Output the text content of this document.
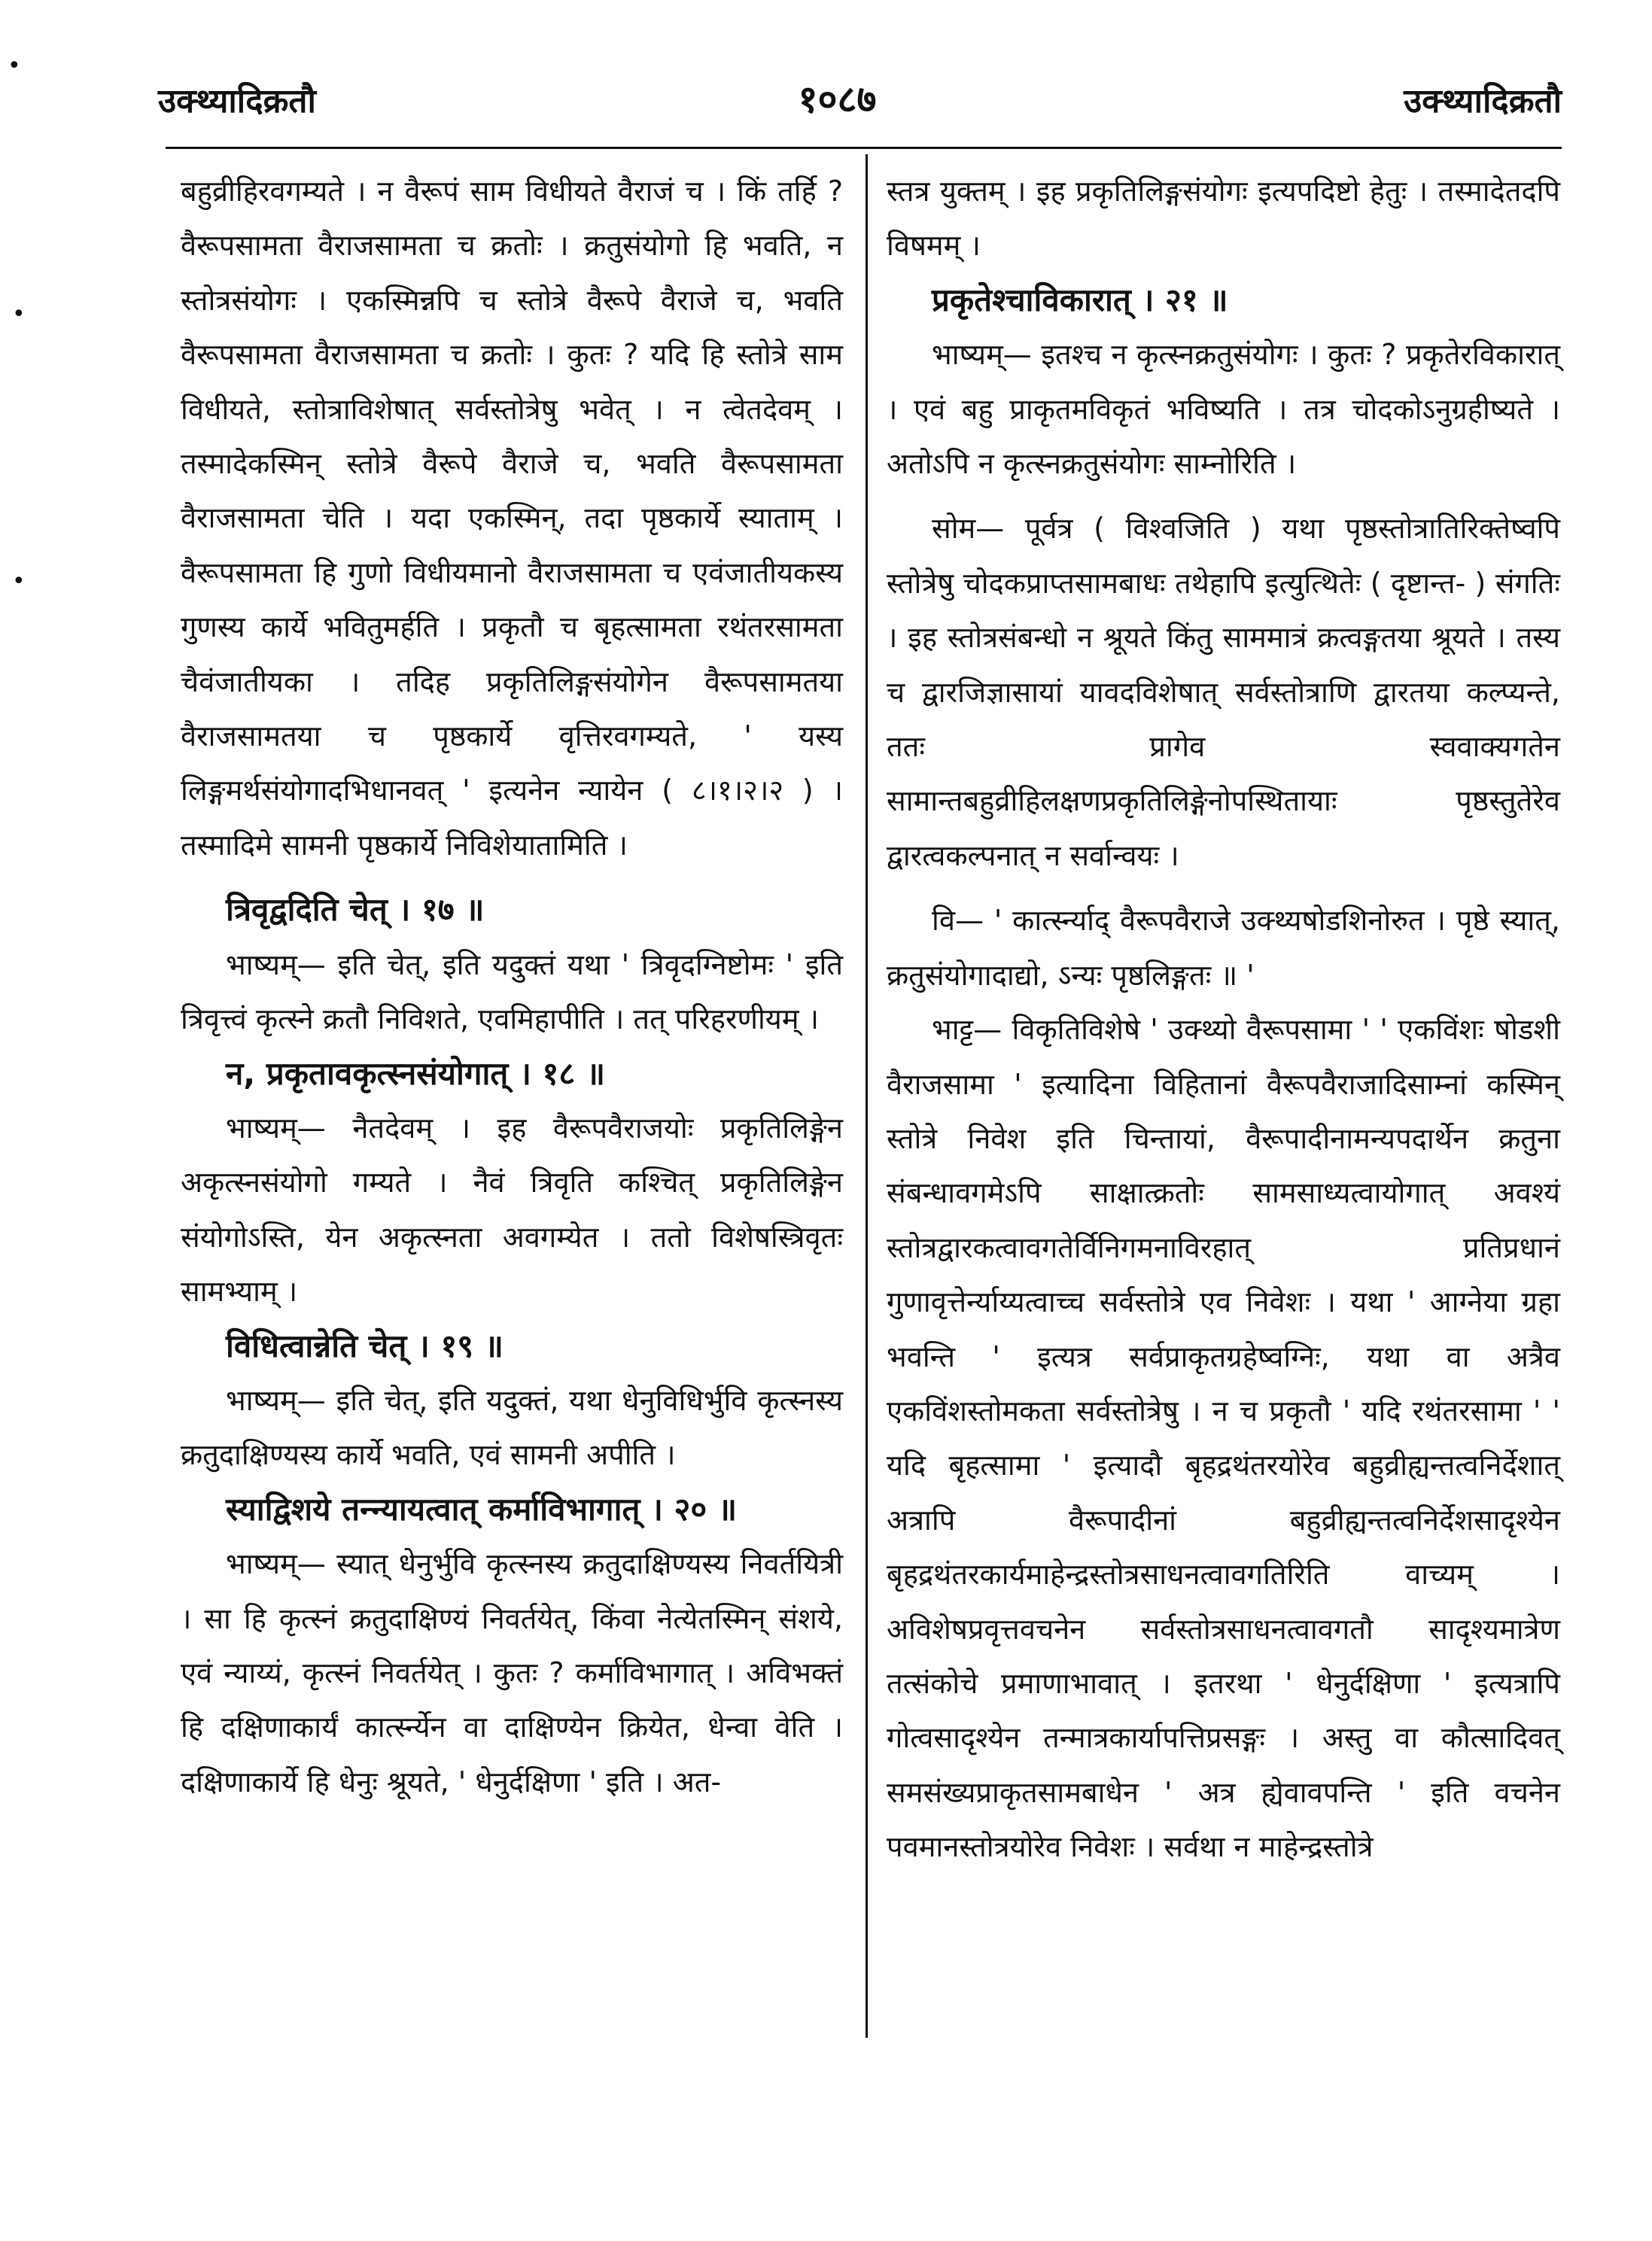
उक्थ्यादिक्रतौ	१०८७	उक्थ्यादिक्रतौ
•
•
•

बहुव्रीहिरवगम्यते । न वैरूपं साम विधीयते वैराजं च । किं तर्हि ? वैरूपसामता वैराजसामता च क्रतोः । क्रतुसंयोगो हि भवति, न स्तोत्रसंयोगः । एकस्मिन्नपि च स्तोत्रे वैरूपे वैराजे च, भवति वैरूपसामता वैराजसामता च क्रतोः । कुतः ? यदि हि स्तोत्रे साम विधीयते, स्तोत्राविशेषात् सर्वस्तोत्रेषु भवेत् । न त्वेतदेवम् । तस्मादेकस्मिन् स्तोत्रे वैरूपे वैराजे च, भवति वैरूपसामता वैराजसामता चेति । यदा एकस्मिन्, तदा पृष्ठकार्ये स्याताम् । वैरूपसामता हि गुणो विधीयमानो वैराजसामता च एवंजातीयकस्य गुणस्य कार्ये भवितुमर्हति । प्रकृतौ च बृहत्सामता रथंतरसामता चैवंजातीयका । तदिह प्रकृतिलिङ्गसंयोगेन वैरूपसामतया वैराजसामतया च पृष्ठकार्ये वृत्तिरवगम्यते, ' यस्य लिङ्गमर्थसंयोगादभिधानवत् ' इत्यनेन न्यायेन ( ८।१।२।२ ) । तस्मादिमे सामनी पृष्ठकार्ये निविशेयातामिति ।

त्रिवृद्वदिति चेत् । १७ ॥

भाष्यम्— इति चेत्, इति यदुक्तं यथा ' त्रिवृदग्निष्टोमः ' इति त्रिवृत्त्वं कृत्स्ने क्रतौ निविशते, एवमिहापीति । तत् परिहरणीयम् ।

न, प्रकृतावकृत्स्नसंयोगात् । १८ ॥

भाष्यम्— नैतदेवम् । इह वैरूपवैराजयोः प्रकृतिलिङ्गेन अकृत्स्नसंयोगो गम्यते । नैवं त्रिवृति कश्चित् प्रकृतिलिङ्गेन संयोगोऽस्ति, येन अकृत्स्नता अवगम्येत । ततो विशेषस्त्रिवृतः सामभ्याम् ।

विधित्वान्नेति चेत् । १९ ॥

भाष्यम्— इति चेत्, इति यदुक्तं, यथा धेनुविधिर्भुवि कृत्स्नस्य क्रतुदाक्षिण्यस्य कार्ये भवति, एवं सामनी अपीति ।

स्याद्विशये तन्न्यायत्वात् कर्माविभागात् । २० ॥

भाष्यम्— स्यात् धेनुर्भुवि कृत्स्नस्य क्रतुदाक्षिण्यस्य निवर्तयित्री । सा हि कृत्स्नं क्रतुदाक्षिण्यं निवर्तयेत्, किंवा नेत्येतस्मिन् संशये, एवं न्याय्यं, कृत्स्नं निवर्तयेत् । कुतः ? कर्माविभागात् । अविभक्तं हि दक्षिणाकार्यं कार्त्स्न्येन वा दाक्षिण्येन क्रियेत, धेन्वा वेति । दक्षिणाकार्ये हि धेनुः श्रूयते, ' धेनुर्दक्षिणा ' इति । अत-

स्तत्र युक्तम् । इह प्रकृतिलिङ्गसंयोगः इत्यपदिष्टो हेतुः । तस्मादेतदपि विषमम् ।

प्रकृतेश्चाविकारात् । २१ ॥

भाष्यम्— इतश्च न कृत्स्नक्रतुसंयोगः । कुतः ? प्रकृतेरविकारात् । एवं बहु प्राकृतमविकृतं भविष्यति । तत्र चोदकोऽनुग्रहीष्यते । अतोऽपि न कृत्स्नक्रतुसंयोगः साम्नोरिति ।

सोम— पूर्वत्र ( विश्वजिति ) यथा पृष्ठस्तोत्रातिरिक्तेष्वपि स्तोत्रेषु चोदकप्राप्तसामबाधः तथेहापि इत्युत्थितेः ( दृष्टान्त- ) संगतिः । इह स्तोत्रसंबन्धो न श्रूयते किंतु साममात्रं क्रत्वङ्गतया श्रूयते । तस्य च द्वारजिज्ञासायां यावदविशेषात् सर्वस्तोत्राणि द्वारतया कल्प्यन्ते, ततः प्रागेव स्ववाक्यगतेन सामान्तबहुव्रीहिलक्षणप्रकृतिलिङ्गेनोपस्थितायाः पृष्ठस्तुतेरेव द्वारत्वकल्पनात् न सर्वान्वयः ।

वि— ' कार्त्स्न्याद् वैरूपवैराजे उक्थ्यषोडशिनोरुत । पृष्ठे स्यात्, क्रतुसंयोगादाद्यो, ऽन्यः पृष्ठलिङ्गतः ॥ '

भाट्ट— विकृतिविशेषे ' उक्थ्यो वैरूपसामा ' ' एकविंशः षोडशी वैराजसामा ' इत्यादिना विहितानां वैरूपवैराजादिसाम्नां कस्मिन् स्तोत्रे निवेश इति चिन्तायां, वैरूपादीनामन्यपदार्थेन क्रतुना संबन्धावगमेऽपि साक्षात्क्रतोः सामसाध्यत्वायोगात् अवश्यं स्तोत्रद्वारकत्वावगतेर्विनिगमनाविरहात् प्रतिप्रधानं गुणावृत्तेर्न्याय्यत्वाच्च सर्वस्तोत्रे एव निवेशः । यथा ' आग्नेया ग्रहा भवन्ति ' इत्यत्र सर्वप्राकृतग्रहेष्वग्निः, यथा वा अत्रैव एकविंशस्तोमकता सर्वस्तोत्रेषु । न च प्रकृतौ ' यदि रथंतरसामा ' ' यदि बृहत्सामा ' इत्यादौ बृहद्रथंतरयोरेव बहुव्रीह्यन्तत्वनिर्देशात् अत्रापि वैरूपादीनां बहुव्रीह्यन्तत्वनिर्देशसादृश्येन बृहद्रथंतरकार्यमाहेन्द्रस्तोत्रसाधनत्वावगतिरिति वाच्यम् । अविशेषप्रवृत्तवचनेन सर्वस्तोत्रसाधनत्वावगतौ सादृश्यमात्रेण तत्संकोचे प्रमाणाभावात् । इतरथा ' धेनुर्दक्षिणा ' इत्यत्रापि गोत्वसादृश्येन तन्मात्रकार्यापत्तिप्रसङ्गः । अस्तु वा कौत्सादिवत् समसंख्यप्राकृतसामबाधेन ' अत्र ह्येवावपन्ति ' इति वचनेन पवमानस्तोत्रयोरेव निवेशः । सर्वथा न माहेन्द्रस्तोत्रे
